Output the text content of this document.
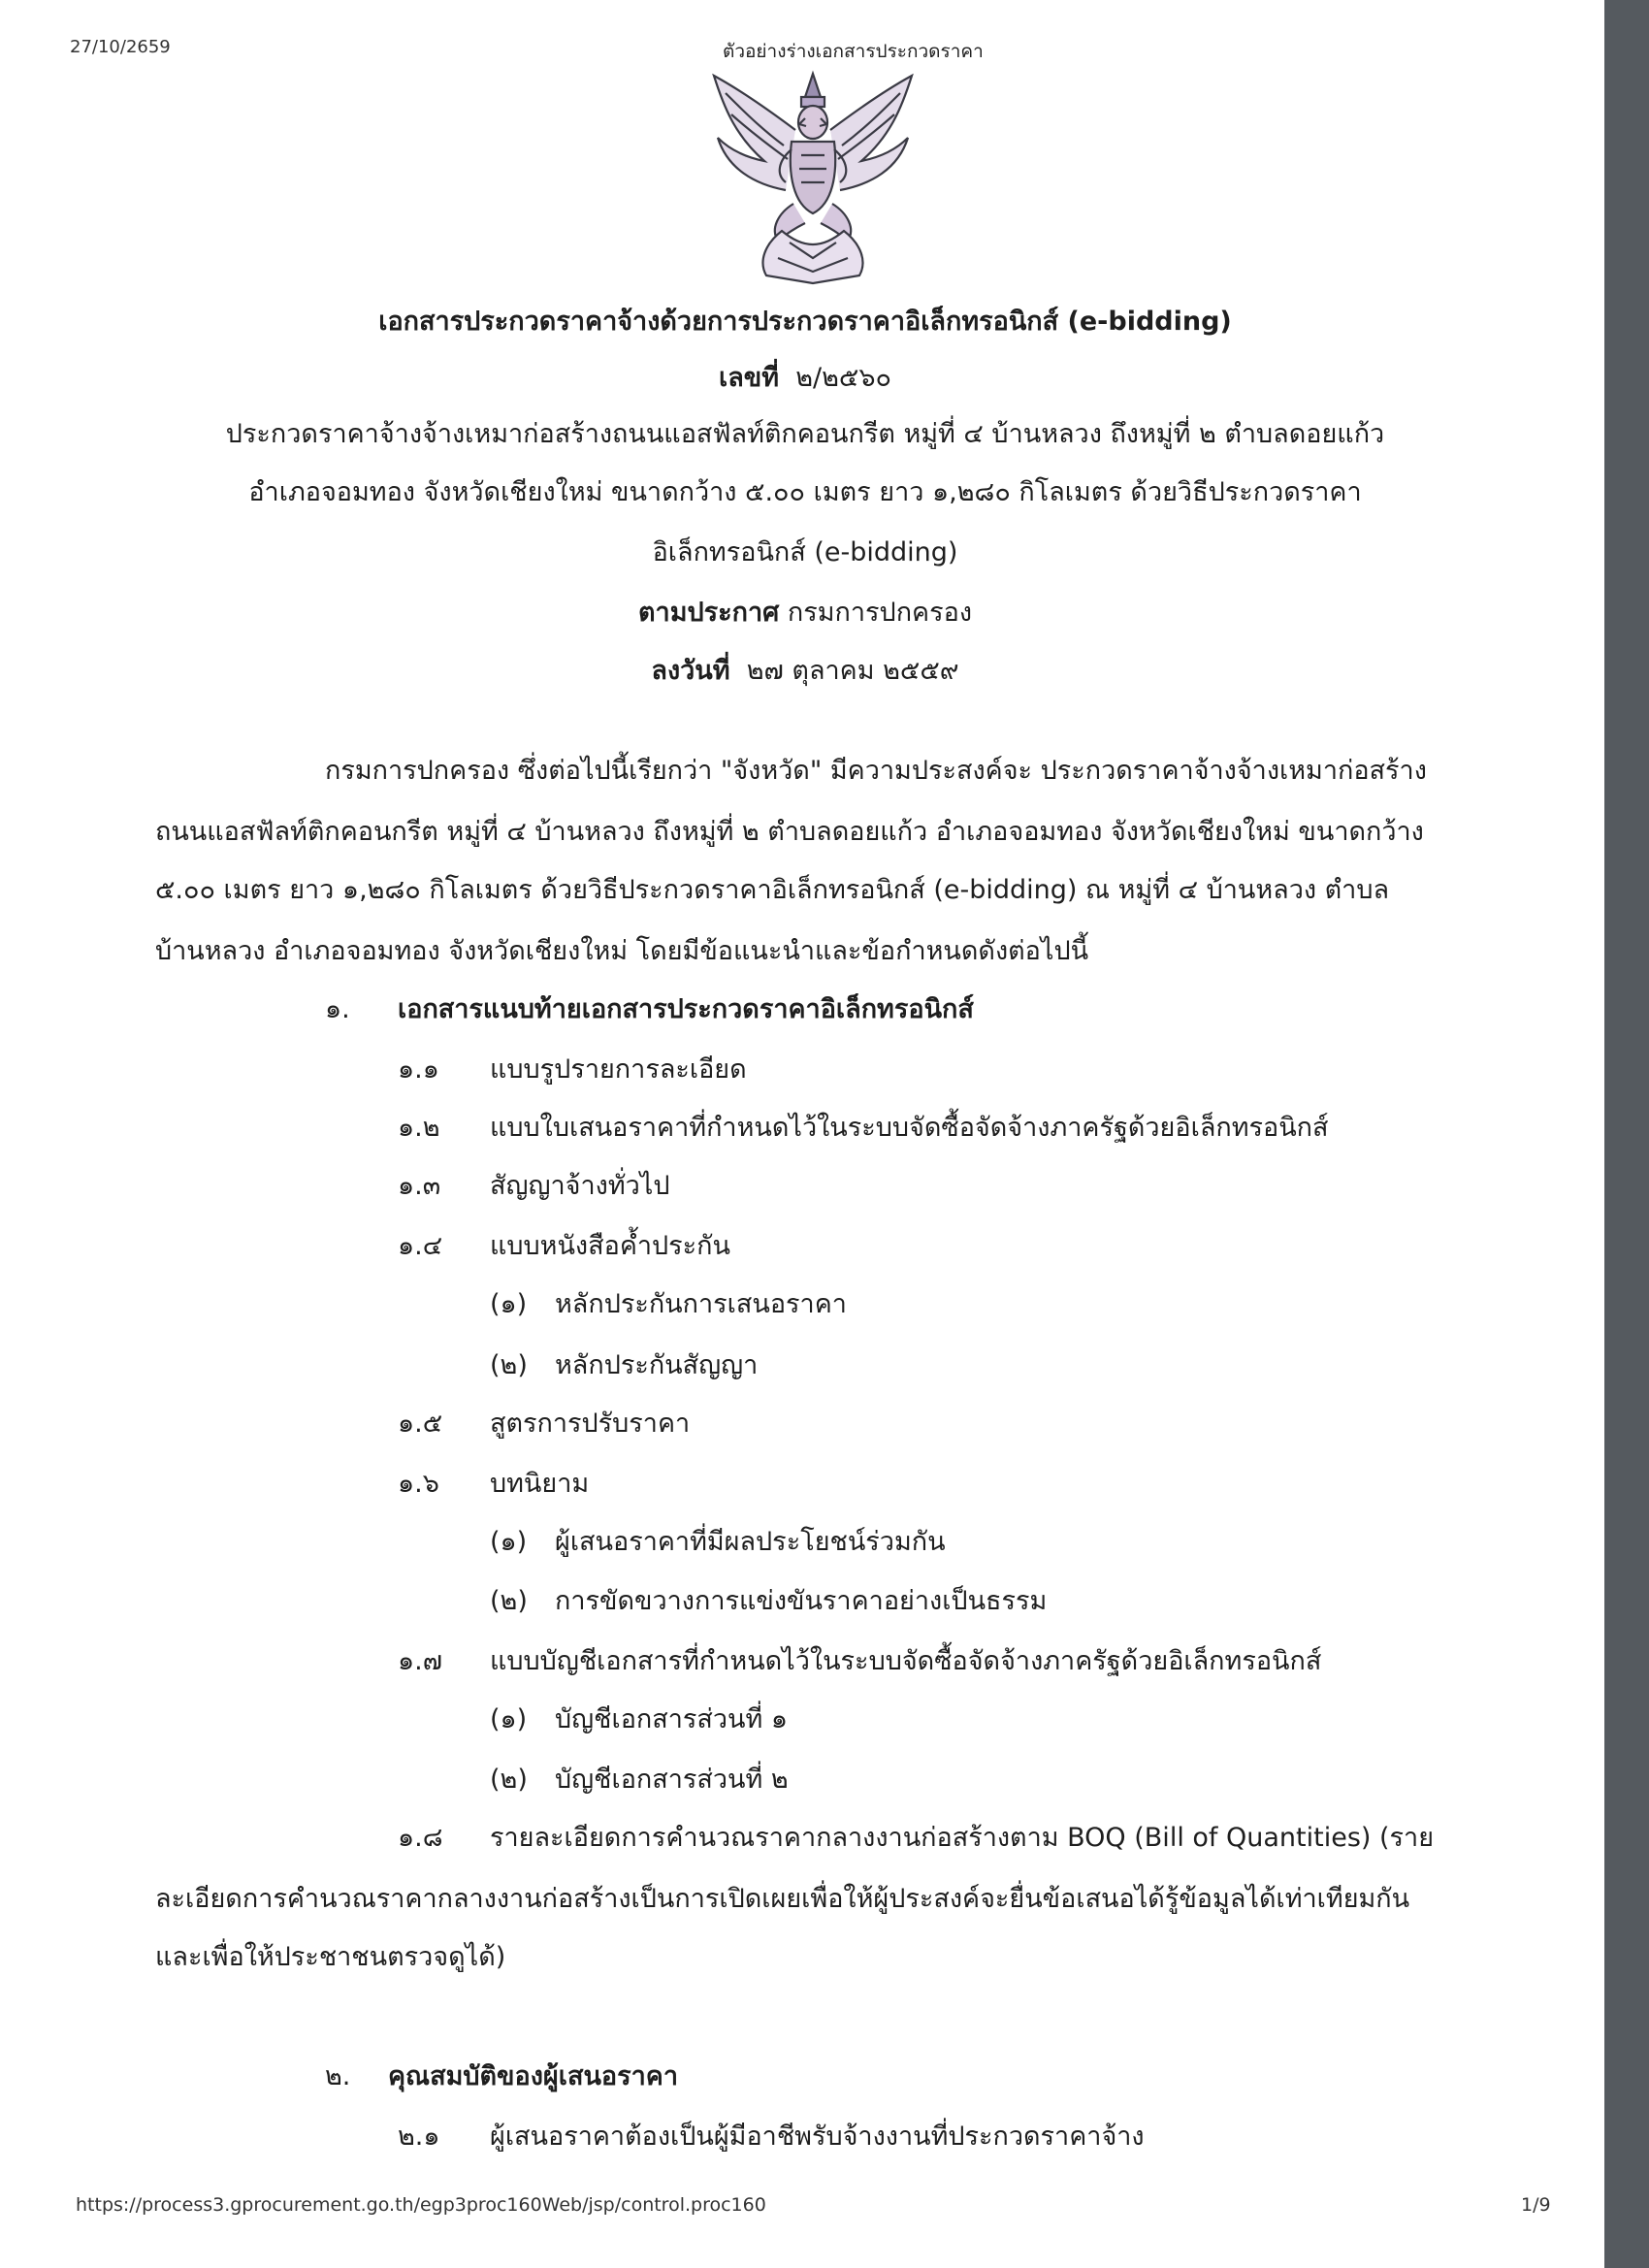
27/10/2659	ตัวอย่างร่างเอกสารประกวดราคา
เอกสารประกวดราคาจ้างด้วยการประกวดราคาอิเล็กทรอนิกส์ (e-bidding)
เลขที่ ๒/๒๕๖๐
ประกวดราคาจ้างจ้างเหมาก่อสร้างถนนแอสฟัลท์ติกคอนกรีต หมู่ที่ ๔ บ้านหลวง ถึงหมู่ที่ ๒ ตำบลดอยแก้ว
อำเภอจอมทอง จังหวัดเชียงใหม่ ขนาดกว้าง ๕.๐๐ เมตร ยาว ๑,๒๘๐ กิโลเมตร ด้วยวิธีประกวดราคา
อิเล็กทรอนิกส์ (e-bidding)
ตามประกาศ กรมการปกครอง
ลงวันที่ ๒๗ ตุลาคม ๒๕๕๙
กรมการปกครอง ซึ่งต่อไปนี้เรียกว่า "จังหวัด" มีความประสงค์จะ ประกวดราคาจ้างจ้างเหมาก่อสร้าง
ถนนแอสฟัลท์ติกคอนกรีต หมู่ที่ ๔ บ้านหลวง ถึงหมู่ที่ ๒ ตำบลดอยแก้ว อำเภอจอมทอง จังหวัดเชียงใหม่ ขนาดกว้าง
๕.๐๐ เมตร ยาว ๑,๒๘๐ กิโลเมตร ด้วยวิธีประกวดราคาอิเล็กทรอนิกส์ (e-bidding) ณ หมู่ที่ ๔ บ้านหลวง ตำบล
บ้านหลวง อำเภอจอมทอง จังหวัดเชียงใหม่ โดยมีข้อแนะนำและข้อกำหนดดังต่อไปนี้
๑. เอกสารแนบท้ายเอกสารประกวดราคาอิเล็กทรอนิกส์
๑.๑ แบบรูปรายการละเอียด
๑.๒ แบบใบเสนอราคาที่กำหนดไว้ในระบบจัดซื้อจัดจ้างภาครัฐด้วยอิเล็กทรอนิกส์
๑.๓ สัญญาจ้างทั่วไป
๑.๔ แบบหนังสือค้ำประกัน
(๑) หลักประกันการเสนอราคา
(๒) หลักประกันสัญญา
๑.๕ สูตรการปรับราคา
๑.๖ บทนิยาม
(๑) ผู้เสนอราคาที่มีผลประโยชน์ร่วมกัน
(๒) การขัดขวางการแข่งขันราคาอย่างเป็นธรรม
๑.๗ แบบบัญชีเอกสารที่กำหนดไว้ในระบบจัดซื้อจัดจ้างภาครัฐด้วยอิเล็กทรอนิกส์
(๑) บัญชีเอกสารส่วนที่ ๑
(๒) บัญชีเอกสารส่วนที่ ๒
๑.๘ รายละเอียดการคำนวณราคากลางงานก่อสร้างตาม BOQ (Bill of Quantities) (ราย
ละเอียดการคำนวณราคากลางงานก่อสร้างเป็นการเปิดเผยเพื่อให้ผู้ประสงค์จะยื่นข้อเสนอได้รู้ข้อมูลได้เท่าเทียมกัน
และเพื่อให้ประชาชนตรวจดูได้)
๒. คุณสมบัติของผู้เสนอราคา
๒.๑ ผู้เสนอราคาต้องเป็นผู้มีอาชีพรับจ้างงานที่ประกวดราคาจ้าง
https://process3.gprocurement.go.th/egp3proc160Web/jsp/control.proc160	1/9
